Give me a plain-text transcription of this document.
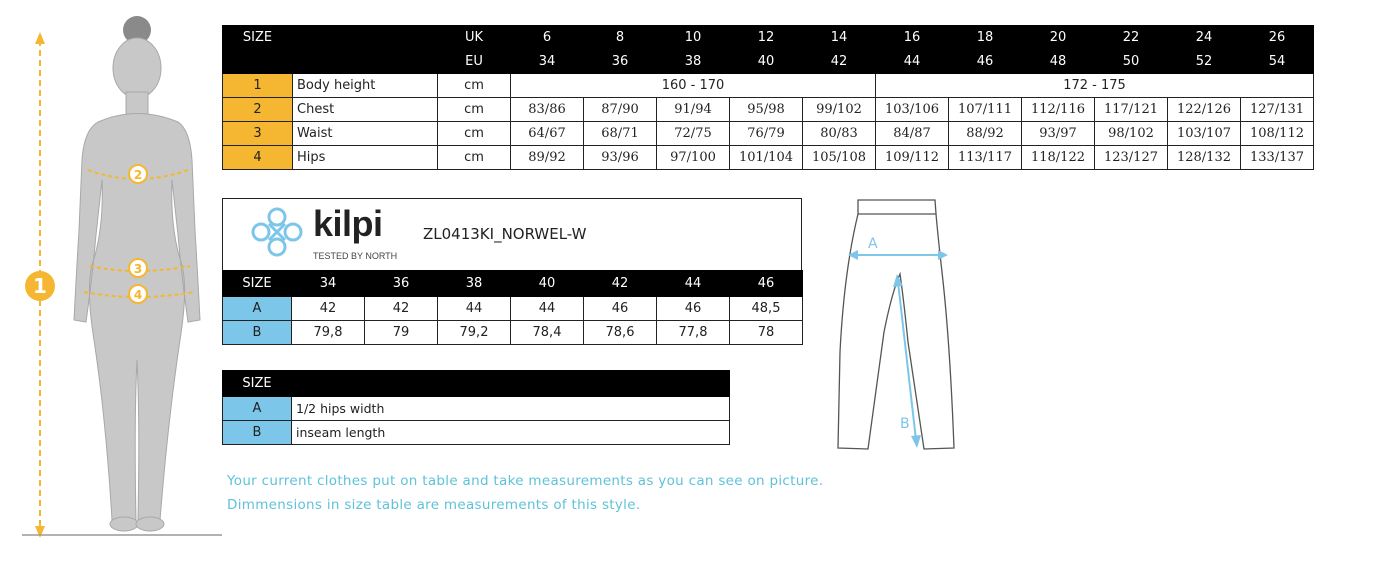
2
3
4
1
SIZE		UK	6	8	10	12	14	16	18	20	22	24	26
		EU	34	36	38	40	42	44	46	48	50	52	54
1	Body height	cm	160 - 170					172 - 175					
2	Chest	cm	83/86	87/90	91/94	95/98	99/102	103/106	107/111	112/116	117/121	122/126	127/131
3	Waist	cm	64/67	68/71	72/75	76/79	80/83	84/87	88/92	93/97	98/102	103/107	108/112
4	Hips	cm	89/92	93/96	97/100	101/104	105/108	109/112	113/117	118/122	123/127	128/132	133/137
kilpi
TESTED BY NORTH
ZL0413KI_NORWEL-W
SIZE	34	36	38	40	42	44	46
A	42	42	44	44	46	46	48,5
B	79,8	79	79,2	78,4	78,6	77,8	78
SIZE	
A	1/2 hips width
B	inseam length
A
B
Your current clothes put on table and take measurements as you can see on picture.
Dimmensions in size table are measurements of this style.
